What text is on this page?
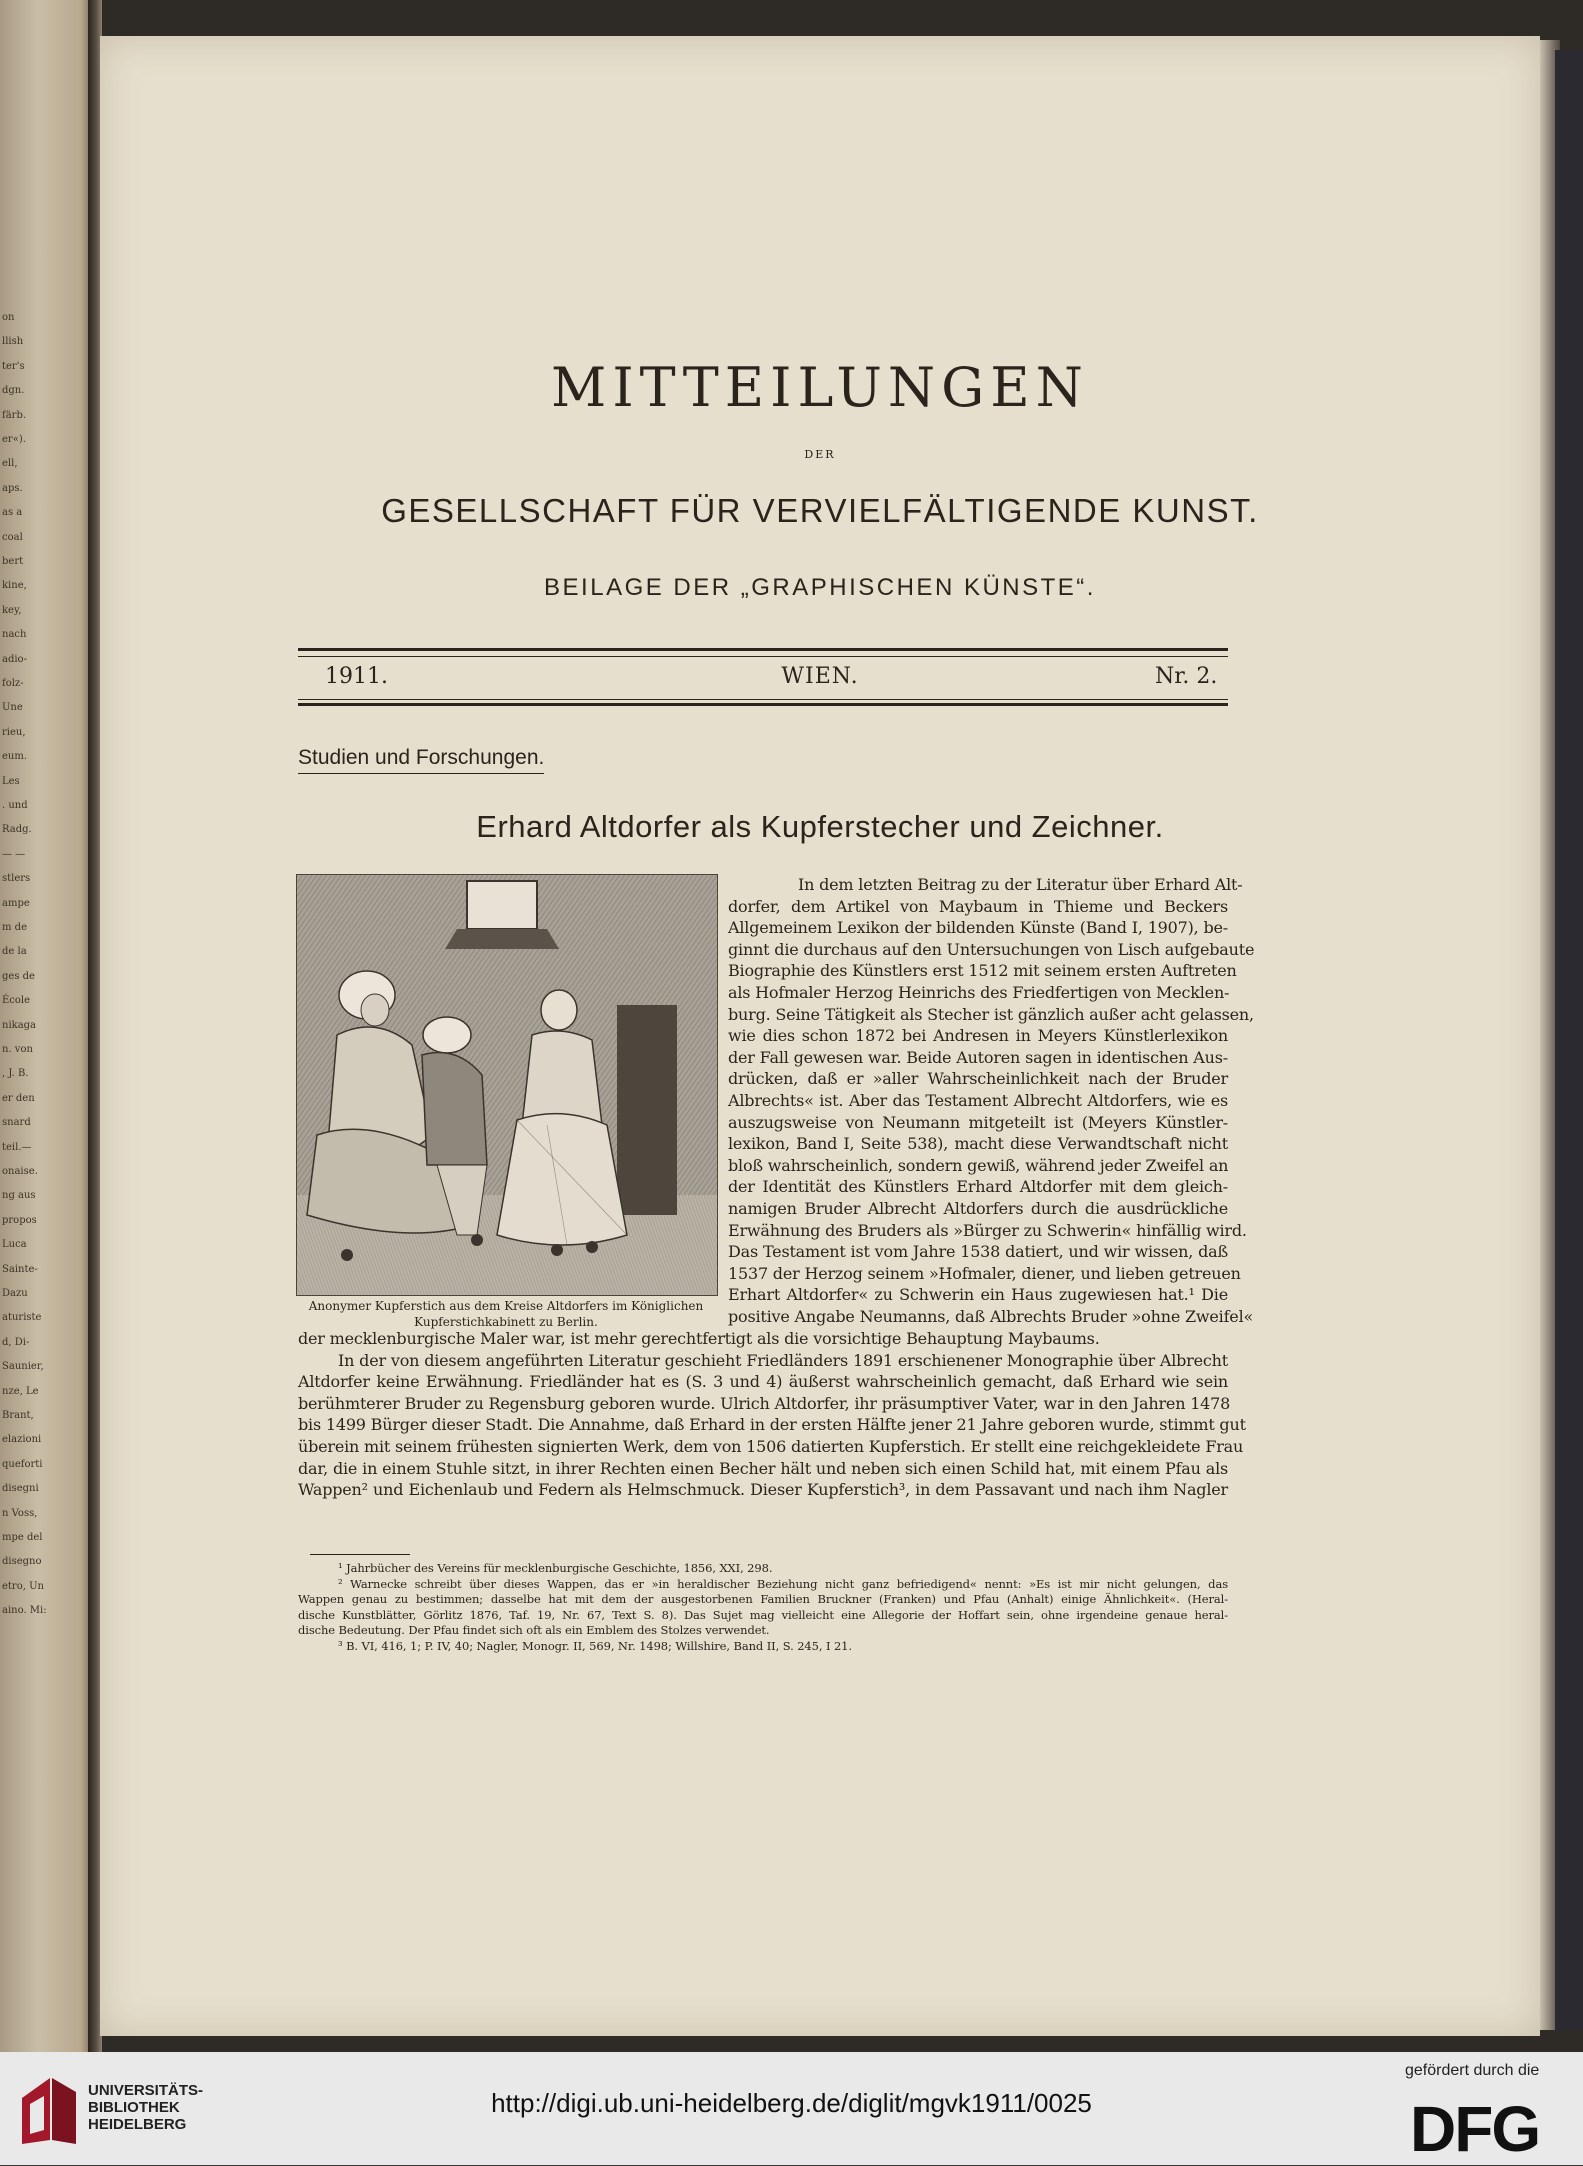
on
llish
ter's
dgn.
färb.
er«).
ell,
aps.
as a
coal
bert
kine,
key,
nach
adio-
folz-
Une
rieu,
eum.
Les
. und
Radg.
— —
stlers
ampe
m de
de la
ges de
École
nikaga
n. von
, J. B.
er den
snard
teil.—
onaise.
ng aus
propos
Luca
Sainte-
Dazu
aturiste
d, Di-
Saunier,
nze, Le
Brant,
elazioni
queforti
disegni
n Voss,
mpe del
disegno
etro, Un
aino. Mi:
MITTEILUNGEN
DER
GESELLSCHAFT FÜR VERVIELFÄLTIGENDE KUNST.
BEILAGE DER „GRAPHISCHEN KÜNSTE“.
1911.	WIEN.	Nr. 2.
Studien und Forschungen.
Erhard Altdorfer als Kupferstecher und Zeichner.
Anonymer Kupferstich aus dem Kreise Altdorfers im Königlichen Kupferstichkabinett zu Berlin.
In dem letzten Beitrag zu der Literatur über Erhard Alt-
dorfer, dem Artikel von Maybaum in Thieme und Beckers
Allgemeinem Lexikon der bildenden Künste (Band I, 1907), be-
ginnt die durchaus auf den Untersuchungen von Lisch aufgebaute
Biographie des Künstlers erst 1512 mit seinem ersten Auftreten
als Hofmaler Herzog Heinrichs des Friedfertigen von Mecklen-
burg. Seine Tätigkeit als Stecher ist gänzlich außer acht gelassen,
wie dies schon 1872 bei Andresen in Meyers Künstlerlexikon
der Fall gewesen war. Beide Autoren sagen in identischen Aus-
drücken, daß er »aller Wahrscheinlichkeit nach der Bruder
Albrechts« ist. Aber das Testament Albrecht Altdorfers, wie es
auszugsweise von Neumann mitgeteilt ist (Meyers Künstler-
lexikon, Band I, Seite 538), macht diese Verwandtschaft nicht
bloß wahrscheinlich, sondern gewiß, während jeder Zweifel an
der Identität des Künstlers Erhard Altdorfer mit dem gleich-
namigen Bruder Albrecht Altdorfers durch die ausdrückliche
Erwähnung des Bruders als »Bürger zu Schwerin« hinfällig wird.
Das Testament ist vom Jahre 1538 datiert, und wir wissen, daß
1537 der Herzog seinem »Hofmaler, diener, und lieben getreuen
Erhart Altdorfer« zu Schwerin ein Haus zugewiesen hat.¹ Die
positive Angabe Neumanns, daß Albrechts Bruder »ohne Zweifel«
der mecklenburgische Maler war, ist mehr gerechtfertigt als die vorsichtige Behauptung Maybaums.
In der von diesem angeführten Literatur geschieht Friedländers 1891 erschienener Monographie über Albrecht
Altdorfer keine Erwähnung. Friedländer hat es (S. 3 und 4) äußerst wahrscheinlich gemacht, daß Erhard wie sein
berühmterer Bruder zu Regensburg geboren wurde. Ulrich Altdorfer, ihr präsumptiver Vater, war in den Jahren 1478
bis 1499 Bürger dieser Stadt. Die Annahme, daß Erhard in der ersten Hälfte jener 21 Jahre geboren wurde, stimmt gut
überein mit seinem frühesten signierten Werk, dem von 1506 datierten Kupferstich. Er stellt eine reichgekleidete Frau
dar, die in einem Stuhle sitzt, in ihrer Rechten einen Becher hält und neben sich einen Schild hat, mit einem Pfau als
Wappen² und Eichenlaub und Federn als Helmschmuck. Dieser Kupferstich³, in dem Passavant und nach ihm Nagler
¹ Jahrbücher des Vereins für mecklenburgische Geschichte, 1856, XXI, 298.
² Warnecke schreibt über dieses Wappen, das er »in heraldischer Beziehung nicht ganz befriedigend« nennt: »Es ist mir nicht gelungen, das
Wappen genau zu bestimmen; dasselbe hat mit dem der ausgestorbenen Familien Bruckner (Franken) und Pfau (Anhalt) einige Ähnlichkeit«. (Heral-
dische Kunstblätter, Görlitz 1876, Taf. 19, Nr. 67, Text S. 8). Das Sujet mag vielleicht eine Allegorie der Hoffart sein, ohne irgendeine genaue heral-
dische Bedeutung. Der Pfau findet sich oft als ein Emblem des Stolzes verwendet.
³ B. VI, 416, 1; P. IV, 40; Nagler, Monogr. II, 569, Nr. 1498; Willshire, Band II, S. 245, I 21.
UNIVERSITÄTS-
BIBLIOTHEK
HEIDELBERG
http://digi.ub.uni-heidelberg.de/diglit/mgvk1911/0025
gefördert durch die
DFG
